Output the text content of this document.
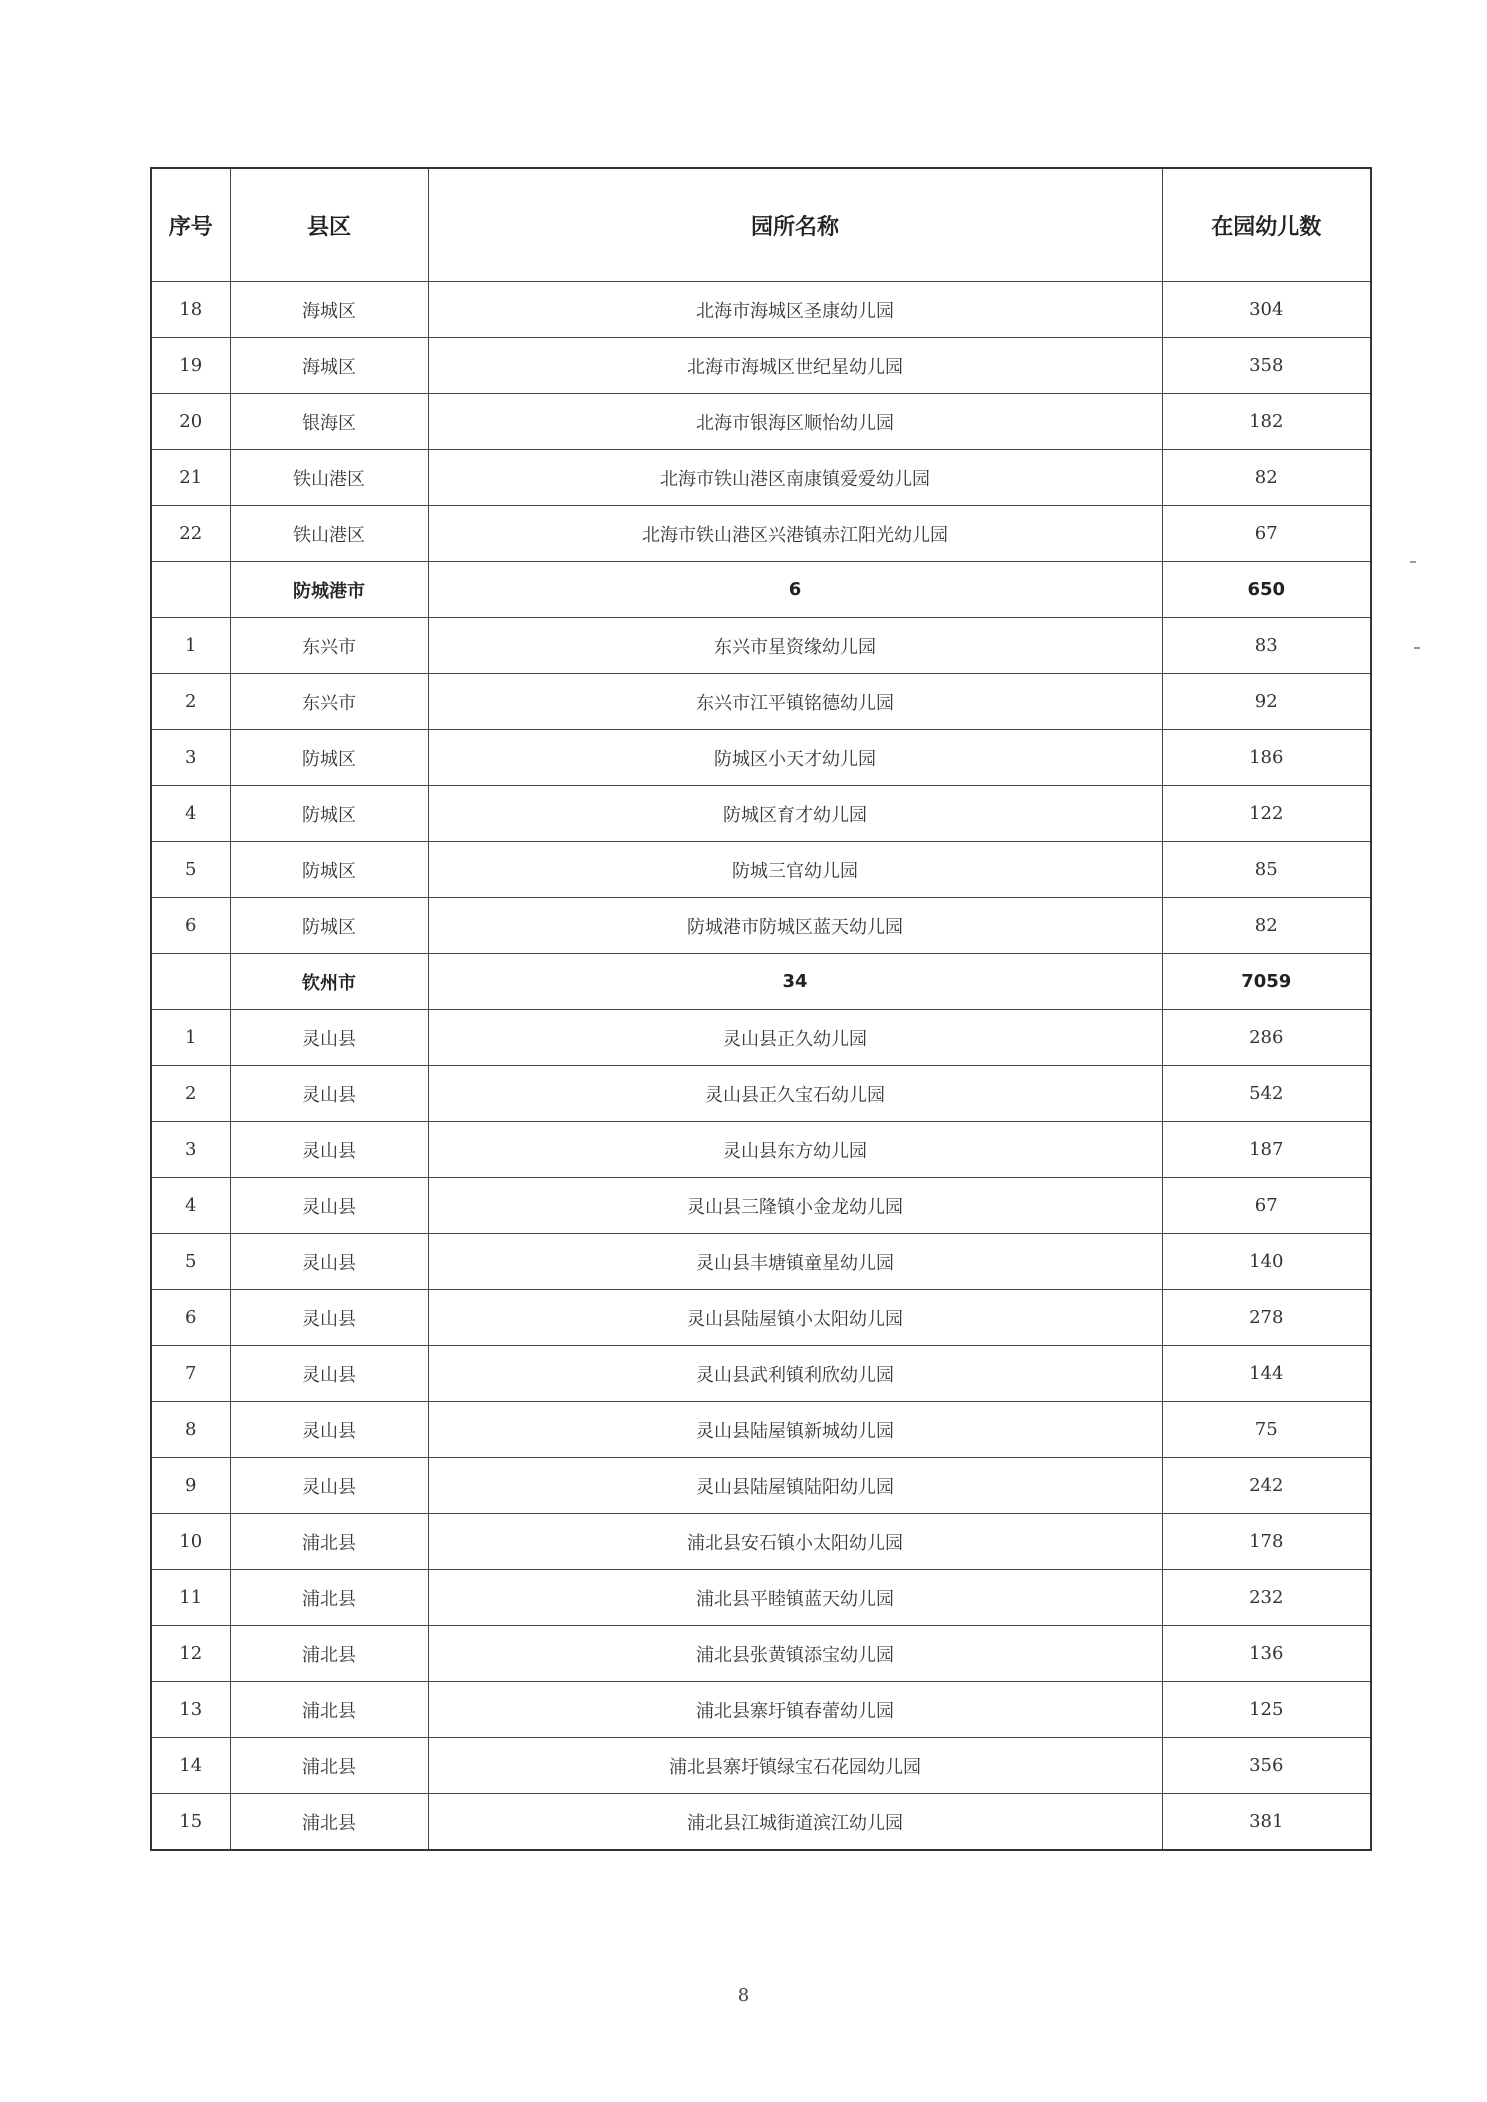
序号	县区	园所名称	在园幼儿数
18	海城区	北海市海城区圣康幼儿园	304
19	海城区	北海市海城区世纪星幼儿园	358
20	银海区	北海市银海区顺怡幼儿园	182
21	铁山港区	北海市铁山港区南康镇爱爱幼儿园	82
22	铁山港区	北海市铁山港区兴港镇赤江阳光幼儿园	67
	防城港市	6	650
1	东兴市	东兴市星资缘幼儿园	83
2	东兴市	东兴市江平镇铭德幼儿园	92
3	防城区	防城区小天才幼儿园	186
4	防城区	防城区育才幼儿园	122
5	防城区	防城三官幼儿园	85
6	防城区	防城港市防城区蓝天幼儿园	82
	钦州市	34	7059
1	灵山县	灵山县正久幼儿园	286
2	灵山县	灵山县正久宝石幼儿园	542
3	灵山县	灵山县东方幼儿园	187
4	灵山县	灵山县三隆镇小金龙幼儿园	67
5	灵山县	灵山县丰塘镇童星幼儿园	140
6	灵山县	灵山县陆屋镇小太阳幼儿园	278
7	灵山县	灵山县武利镇利欣幼儿园	144
8	灵山县	灵山县陆屋镇新城幼儿园	75
9	灵山县	灵山县陆屋镇陆阳幼儿园	242
10	浦北县	浦北县安石镇小太阳幼儿园	178
11	浦北县	浦北县平睦镇蓝天幼儿园	232
12	浦北县	浦北县张黄镇添宝幼儿园	136
13	浦北县	浦北县寨圩镇春蕾幼儿园	125
14	浦北县	浦北县寨圩镇绿宝石花园幼儿园	356
15	浦北县	浦北县江城街道滨江幼儿园	381
8
